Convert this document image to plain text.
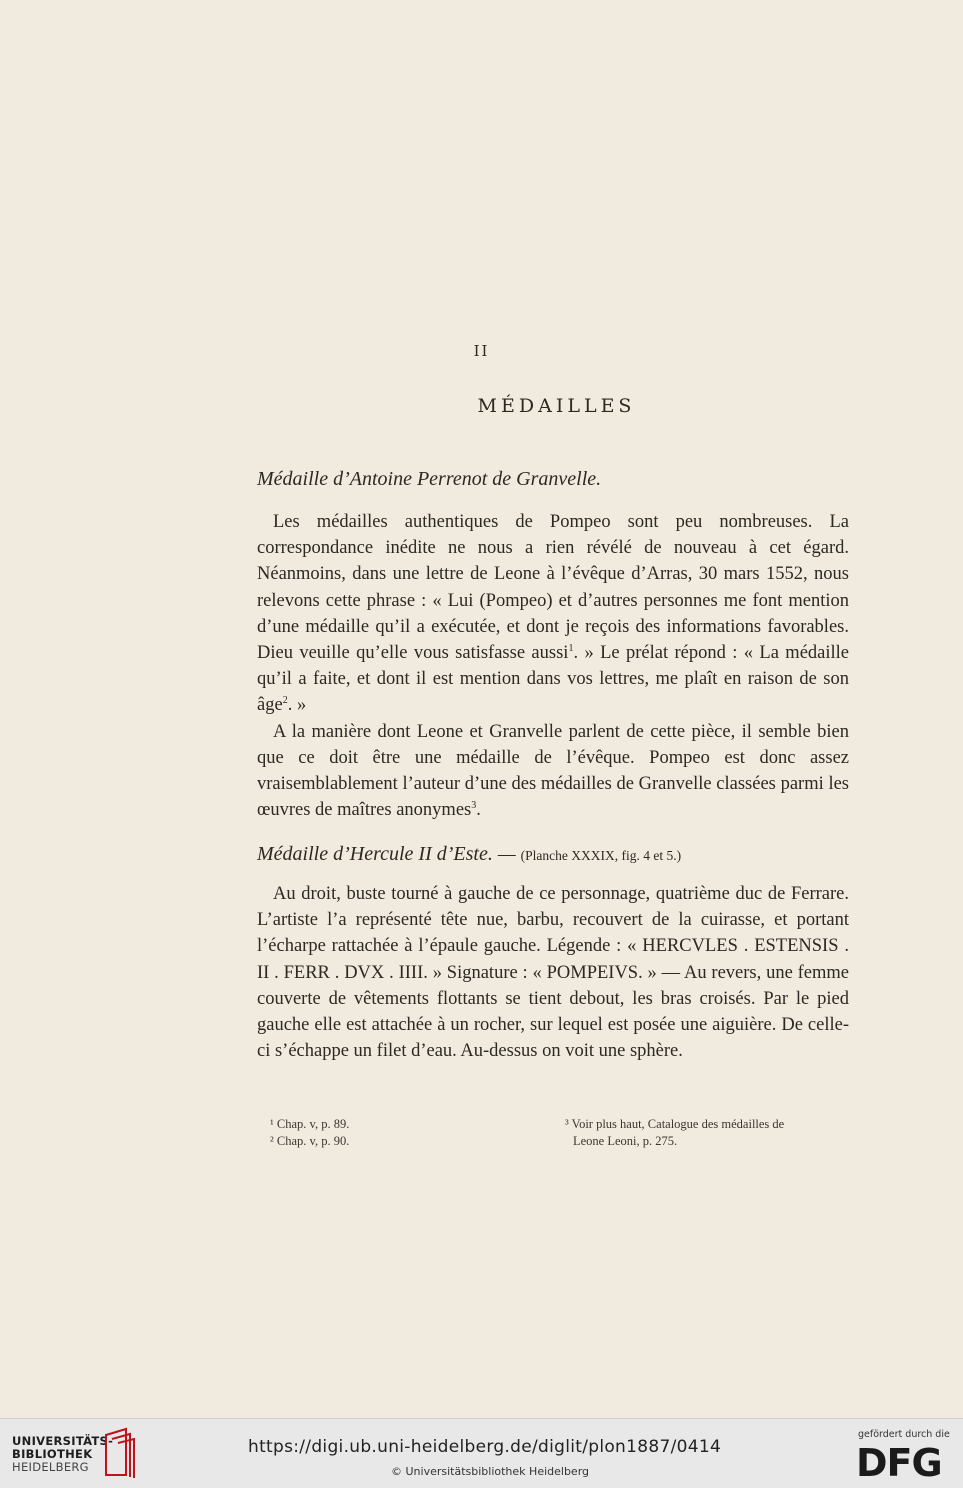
II
MÉDAILLES
Médaille d’Antoine Perrenot de Granvelle.

Les médailles authentiques de Pompeo sont peu nombreuses. La correspondance inédite ne nous a rien révélé de nouveau à cet égard. Néanmoins, dans une lettre de Leone à l’évêque d’Arras, 30 mars 1552, nous relevons cette phrase : « Lui (Pompeo) et d’autres personnes me font mention d’une médaille qu’il a exécutée, et dont je reçois des informations favorables. Dieu veuille qu’elle vous satisfasse aussi$^1$. » Le prélat répond : « La médaille qu’il a faite, et dont il est mention dans vos lettres, me plaît en raison de son âge$^2$. »

A la manière dont Leone et Granvelle parlent de cette pièce, il semble bien que ce doit être une médaille de l’évêque. Pompeo est donc assez vraisemblablement l’auteur d’une des médailles de Granvelle classées parmi les œuvres de maîtres anonymes$^3$.

Médaille d’Hercule II d’Este. — (Planche XXXIX, fig. 4 et 5.)

Au droit, buste tourné à gauche de ce personnage, quatrième duc de Ferrare. L’artiste l’a représenté tête nue, barbu, recouvert de la cuirasse, et portant l’écharpe rattachée à l’épaule gauche. Légende : « HERCVLES . ESTENSIS . II . FERR . DVX . IIII. » Signature : « POMPEIVS. » — Au revers, une femme couverte de vêtements flottants se tient debout, les bras croisés. Par le pied gauche elle est attachée à un rocher, sur lequel est posée une aiguière. De celle-ci s’échappe un filet d’eau. Au-dessus on voit une sphère.

¹ Chap. v, p. 89.
² Chap. v, p. 90.
³ Voir plus haut, Catalogue des médailles de
Leone Leoni, p. 275.
UNIVERSITÄTS-
BIBLIOTHEK
HEIDELBERG
https://digi.ub.uni-heidelberg.de/diglit/plon1887/0414
© Universitätsbibliothek Heidelberg
gefördert durch die
DFG
